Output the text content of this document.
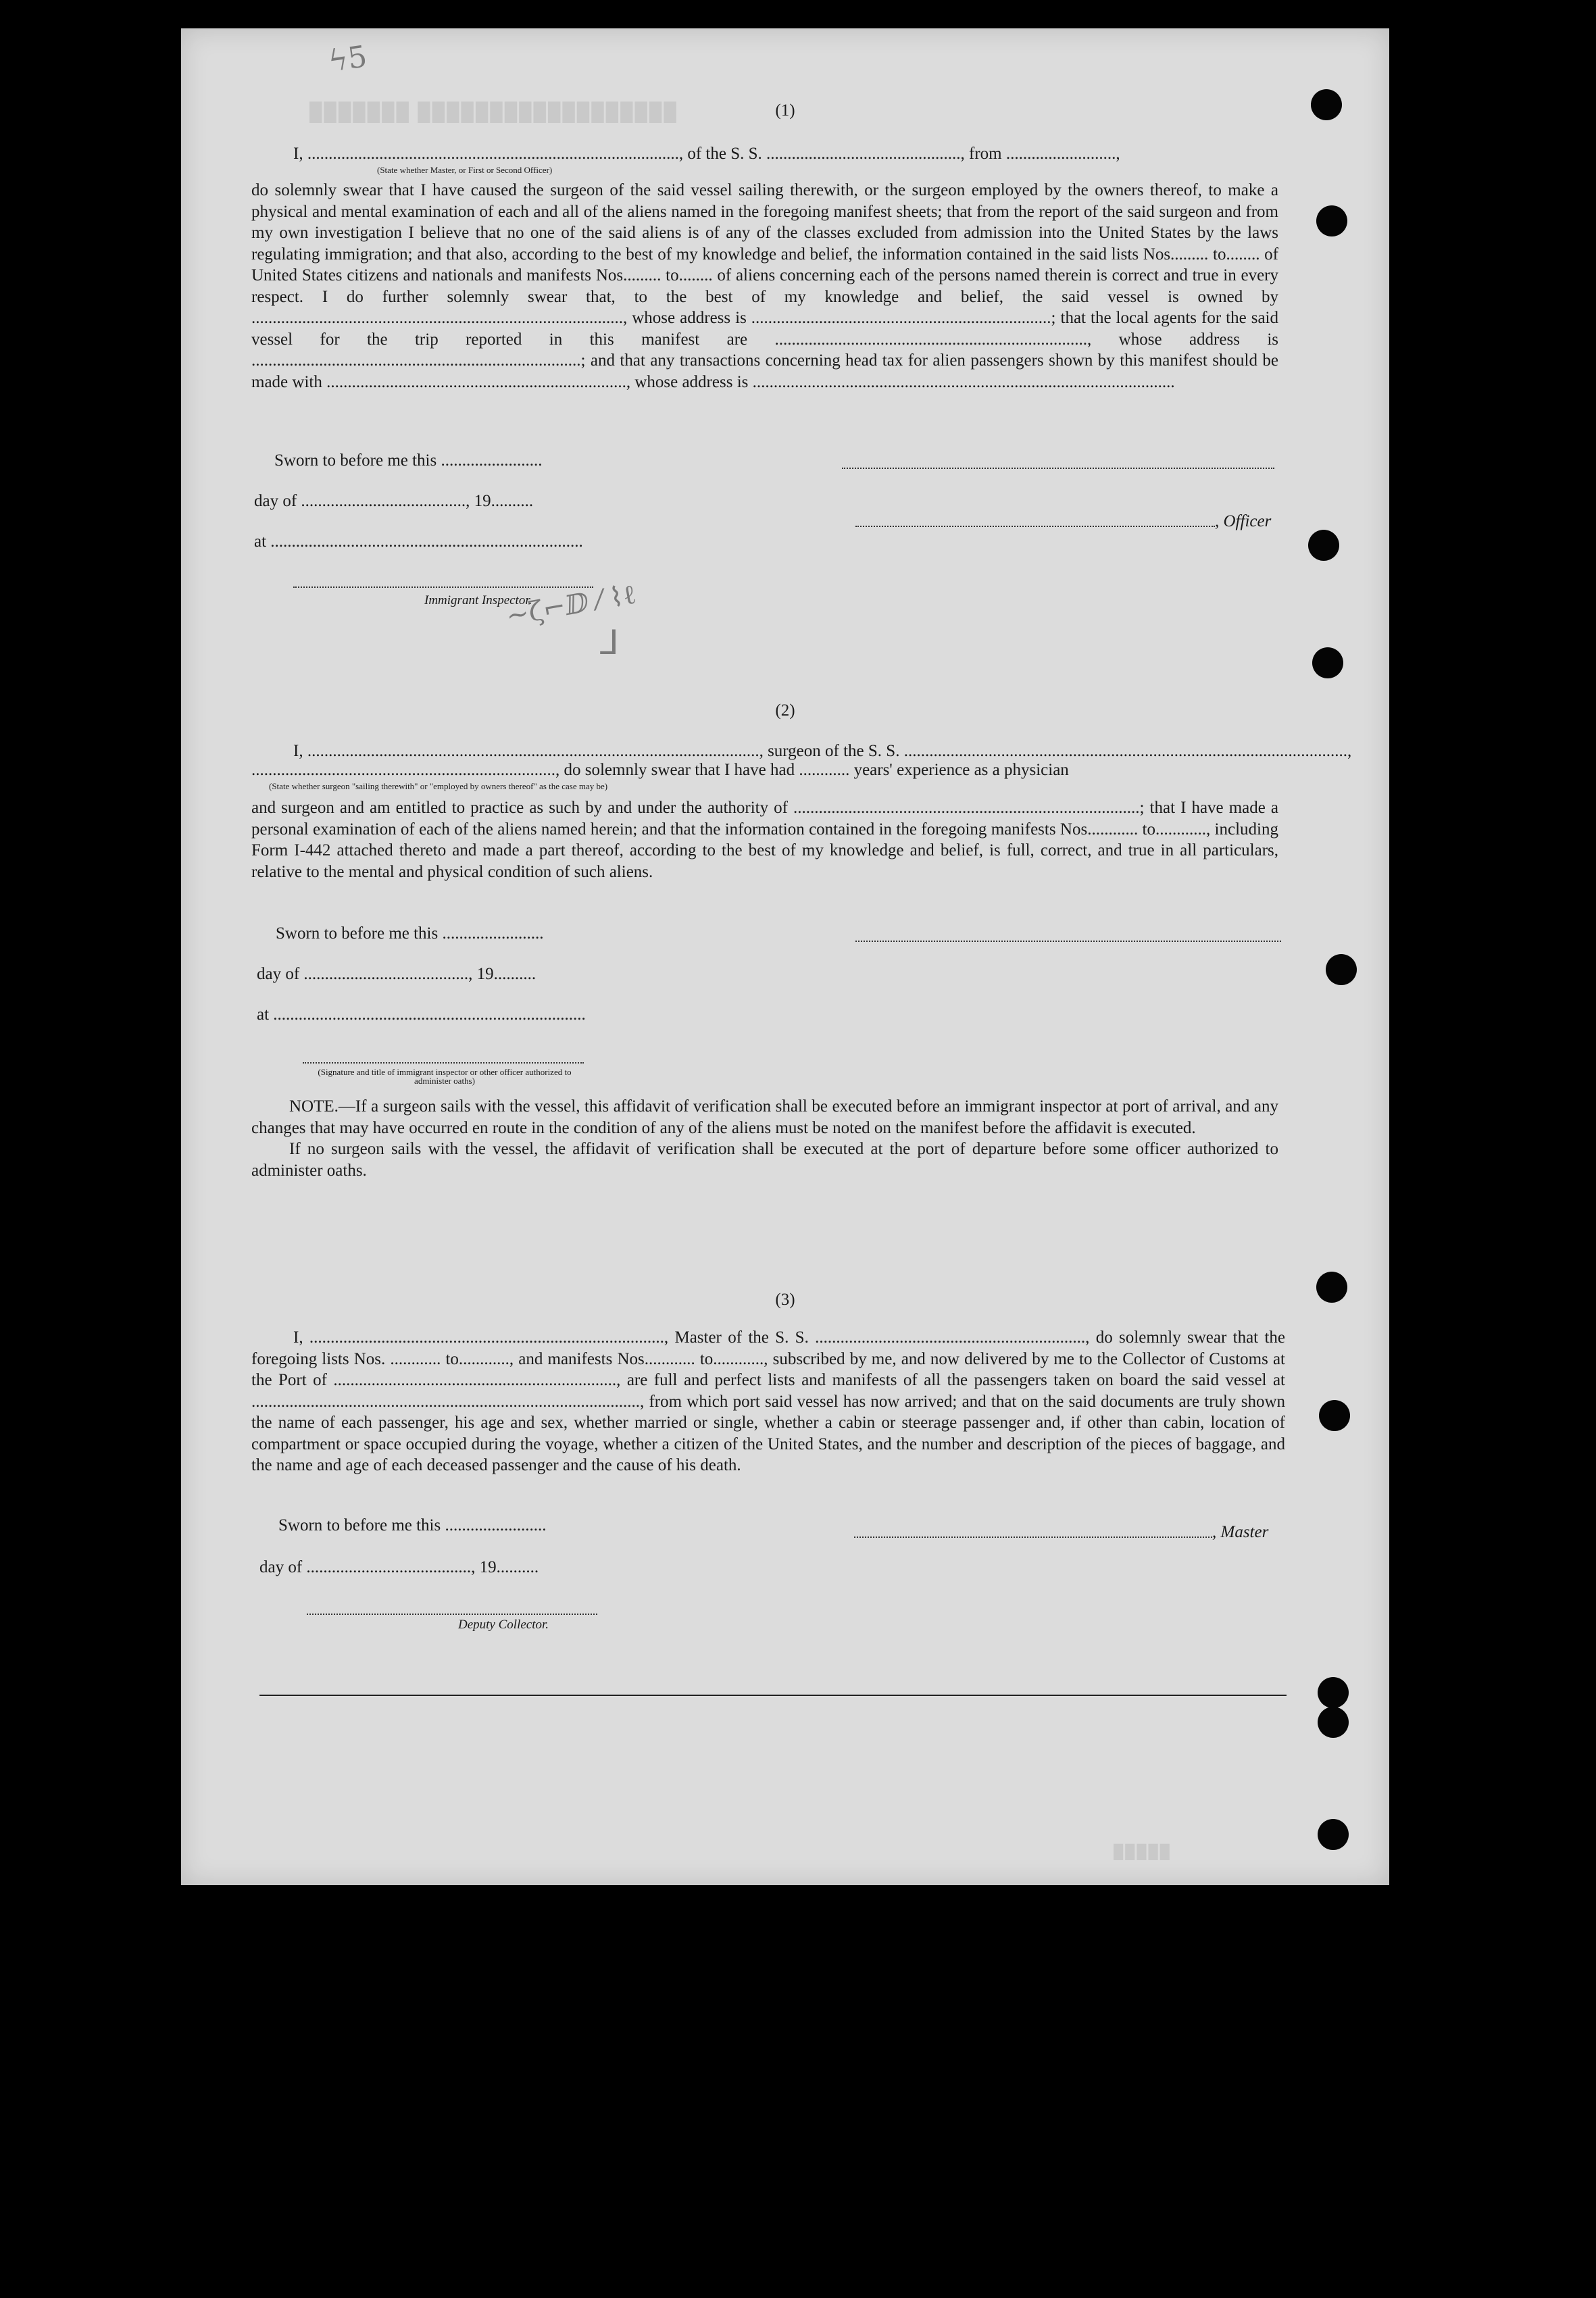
███████ ██████████████████
█████
ϟ5
~ζ⌐ⅅ ⁄ ⌇ℓ
⅃
(1)
I, ........................................................................................, of the S. S. .............................................., from ..........................,
(State whether Master, or First or Second Officer)

do solemnly swear that I have caused the surgeon of the said vessel sailing therewith, or the surgeon employed by the owners thereof, to make a physical and mental examination of each and all of the aliens named in the foregoing manifest sheets; that from the report of the said surgeon and from my own investigation I believe that no one of the said aliens is of any of the classes excluded from admission into the United States by the laws regulating immigration; and that also, according to the best of my knowledge and belief, the information contained in the said lists Nos......... to........ of United States citizens and nationals and manifests Nos......... to........ of aliens concerning each of the persons named therein is correct and true in every respect. I do further solemnly swear that, to the best of my knowledge and belief, the said vessel is owned by ........................................................................................, whose address is .......................................................................; that the local agents for the said vessel for the trip reported in this manifest are .........................................................................., whose address is ..............................................................................; and that any transactions concerning head tax for alien passengers shown by this manifest should be made with ......................................................................., whose address is ....................................................................................................

Sworn to before me this ........................
day of ......................................., 19..........
, Officer
at ..........................................................................
Immigrant Inspector.
(2)
I, ..........................................................................................................., surgeon of the S. S. .........................................................................................................,
........................................................................, do solemnly swear that I have had ............ years' experience as a physician
(State whether surgeon "sailing therewith" or "employed by owners thereof" as the case may be)

and surgeon and am entitled to practice as such by and under the authority of ..................................................................................; that I have made a personal examination of each of the aliens named herein; and that the information contained in the foregoing manifests Nos............ to............, including Form I-442 attached thereto and made a part thereof, according to the best of my knowledge and belief, is full, correct, and true in all particulars, relative to the mental and physical condition of such aliens.

Sworn to before me this ........................
day of ......................................., 19..........
at ..........................................................................
(Signature and title of immigrant inspector or other officer authorized to administer oaths)

NOTE.—If a surgeon sails with the vessel, this affidavit of verification shall be executed before an immigrant inspector at port of arrival, and any changes that may have occurred en route in the condition of any of the aliens must be noted on the manifest before the affidavit is executed.

If no surgeon sails with the vessel, the affidavit of verification shall be executed at the port of departure before some officer authorized to administer oaths.

(3)

I, ...................................................................................., Master of the S. S. ................................................................, do solemnly swear that the foregoing lists Nos. ............ to............, and manifests Nos............ to............, subscribed by me, and now delivered by me to the Collector of Customs at the Port of ..................................................................., are full and perfect lists and manifests of all the passengers taken on board the said vessel at ............................................................................................, from which port said vessel has now arrived; and that on the said documents are truly shown the name of each passenger, his age and sex, whether married or single, whether a cabin or steerage passenger and, if other than cabin, location of compartment or space occupied during the voyage, whether a citizen of the United States, and the number and description of the pieces of baggage, and the name and age of each deceased passenger and the cause of his death.

Sworn to before me this ........................	, Master
day of ......................................., 19..........
Deputy Collector.
